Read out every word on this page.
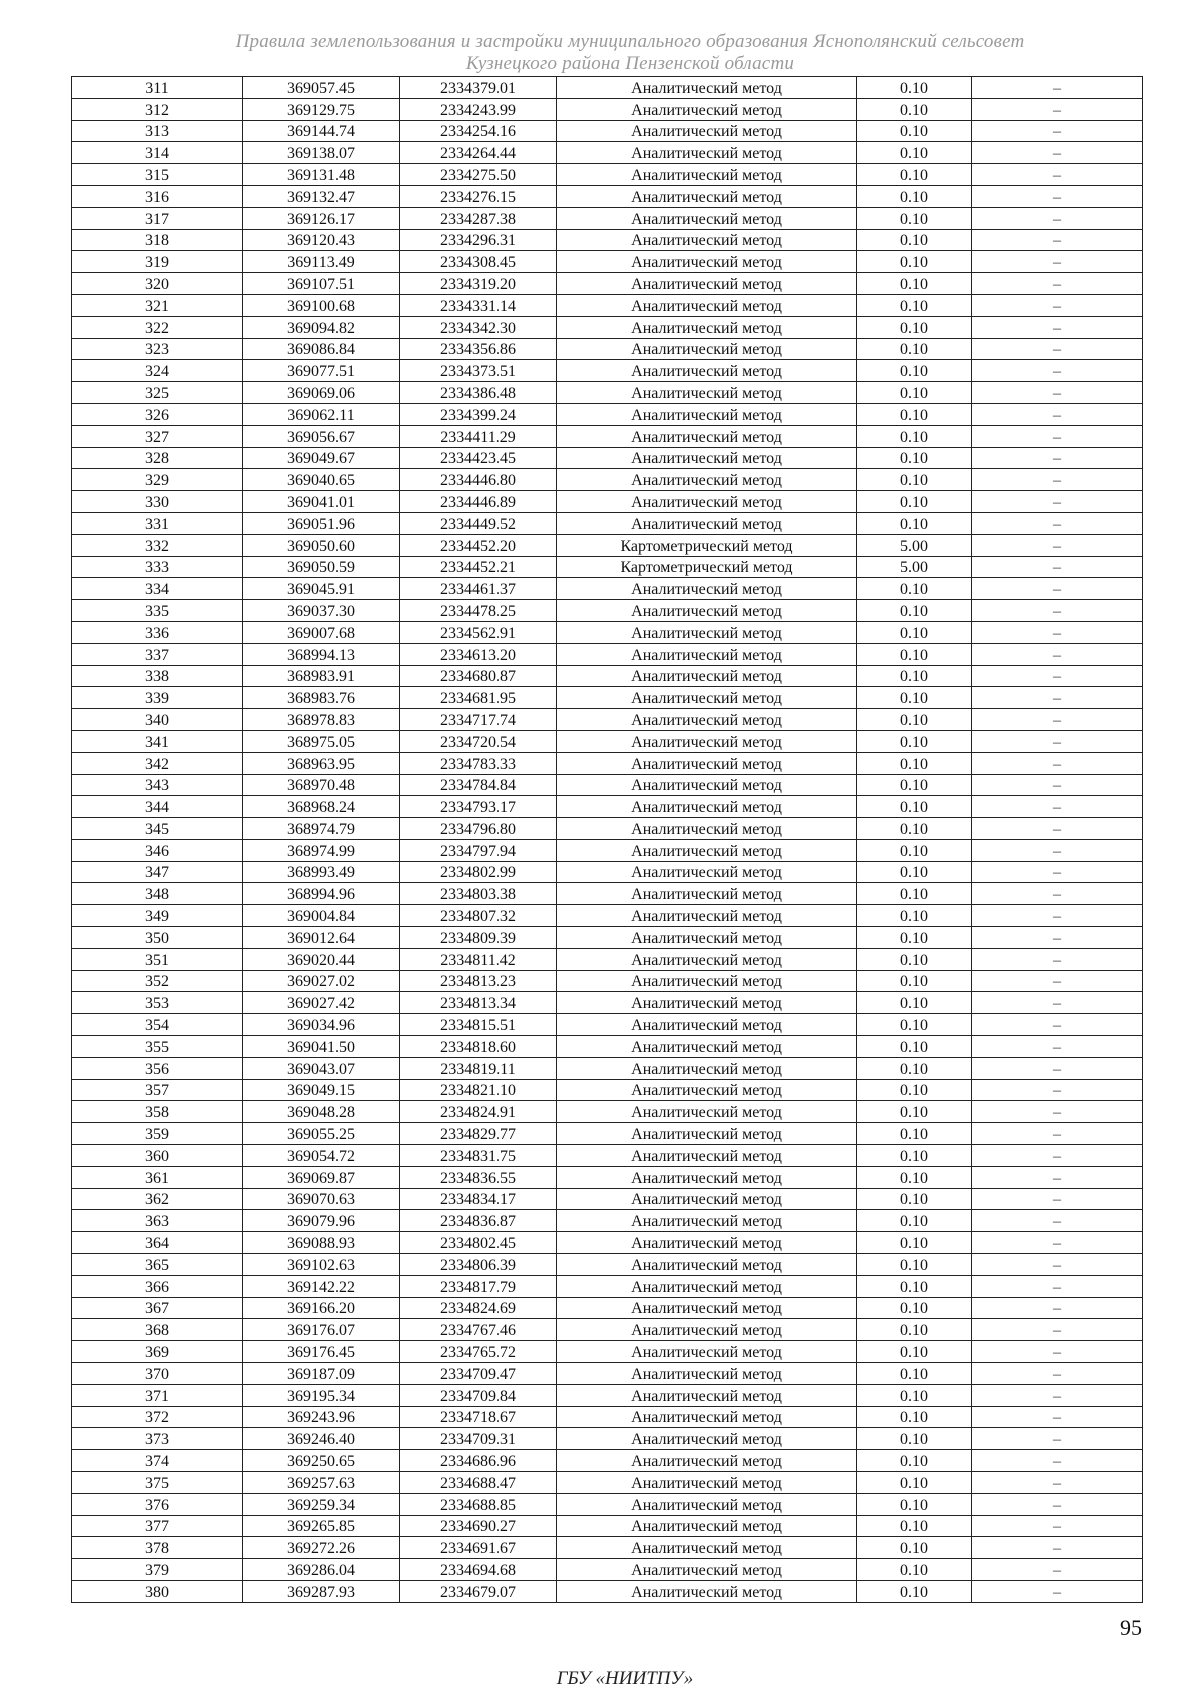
Правила землепользования и застройки муниципального образования Яснополянский сельсовет
Кузнецкого района Пензенской области
311	369057.45	2334379.01	Аналитический метод	0.10	–
312	369129.75	2334243.99	Аналитический метод	0.10	–
313	369144.74	2334254.16	Аналитический метод	0.10	–
314	369138.07	2334264.44	Аналитический метод	0.10	–
315	369131.48	2334275.50	Аналитический метод	0.10	–
316	369132.47	2334276.15	Аналитический метод	0.10	–
317	369126.17	2334287.38	Аналитический метод	0.10	–
318	369120.43	2334296.31	Аналитический метод	0.10	–
319	369113.49	2334308.45	Аналитический метод	0.10	–
320	369107.51	2334319.20	Аналитический метод	0.10	–
321	369100.68	2334331.14	Аналитический метод	0.10	–
322	369094.82	2334342.30	Аналитический метод	0.10	–
323	369086.84	2334356.86	Аналитический метод	0.10	–
324	369077.51	2334373.51	Аналитический метод	0.10	–
325	369069.06	2334386.48	Аналитический метод	0.10	–
326	369062.11	2334399.24	Аналитический метод	0.10	–
327	369056.67	2334411.29	Аналитический метод	0.10	–
328	369049.67	2334423.45	Аналитический метод	0.10	–
329	369040.65	2334446.80	Аналитический метод	0.10	–
330	369041.01	2334446.89	Аналитический метод	0.10	–
331	369051.96	2334449.52	Аналитический метод	0.10	–
332	369050.60	2334452.20	Картометрический метод	5.00	–
333	369050.59	2334452.21	Картометрический метод	5.00	–
334	369045.91	2334461.37	Аналитический метод	0.10	–
335	369037.30	2334478.25	Аналитический метод	0.10	–
336	369007.68	2334562.91	Аналитический метод	0.10	–
337	368994.13	2334613.20	Аналитический метод	0.10	–
338	368983.91	2334680.87	Аналитический метод	0.10	–
339	368983.76	2334681.95	Аналитический метод	0.10	–
340	368978.83	2334717.74	Аналитический метод	0.10	–
341	368975.05	2334720.54	Аналитический метод	0.10	–
342	368963.95	2334783.33	Аналитический метод	0.10	–
343	368970.48	2334784.84	Аналитический метод	0.10	–
344	368968.24	2334793.17	Аналитический метод	0.10	–
345	368974.79	2334796.80	Аналитический метод	0.10	–
346	368974.99	2334797.94	Аналитический метод	0.10	–
347	368993.49	2334802.99	Аналитический метод	0.10	–
348	368994.96	2334803.38	Аналитический метод	0.10	–
349	369004.84	2334807.32	Аналитический метод	0.10	–
350	369012.64	2334809.39	Аналитический метод	0.10	–
351	369020.44	2334811.42	Аналитический метод	0.10	–
352	369027.02	2334813.23	Аналитический метод	0.10	–
353	369027.42	2334813.34	Аналитический метод	0.10	–
354	369034.96	2334815.51	Аналитический метод	0.10	–
355	369041.50	2334818.60	Аналитический метод	0.10	–
356	369043.07	2334819.11	Аналитический метод	0.10	–
357	369049.15	2334821.10	Аналитический метод	0.10	–
358	369048.28	2334824.91	Аналитический метод	0.10	–
359	369055.25	2334829.77	Аналитический метод	0.10	–
360	369054.72	2334831.75	Аналитический метод	0.10	–
361	369069.87	2334836.55	Аналитический метод	0.10	–
362	369070.63	2334834.17	Аналитический метод	0.10	–
363	369079.96	2334836.87	Аналитический метод	0.10	–
364	369088.93	2334802.45	Аналитический метод	0.10	–
365	369102.63	2334806.39	Аналитический метод	0.10	–
366	369142.22	2334817.79	Аналитический метод	0.10	–
367	369166.20	2334824.69	Аналитический метод	0.10	–
368	369176.07	2334767.46	Аналитический метод	0.10	–
369	369176.45	2334765.72	Аналитический метод	0.10	–
370	369187.09	2334709.47	Аналитический метод	0.10	–
371	369195.34	2334709.84	Аналитический метод	0.10	–
372	369243.96	2334718.67	Аналитический метод	0.10	–
373	369246.40	2334709.31	Аналитический метод	0.10	–
374	369250.65	2334686.96	Аналитический метод	0.10	–
375	369257.63	2334688.47	Аналитический метод	0.10	–
376	369259.34	2334688.85	Аналитический метод	0.10	–
377	369265.85	2334690.27	Аналитический метод	0.10	–
378	369272.26	2334691.67	Аналитический метод	0.10	–
379	369286.04	2334694.68	Аналитический метод	0.10	–
380	369287.93	2334679.07	Аналитический метод	0.10	–
95
ГБУ «НИИТПУ»
